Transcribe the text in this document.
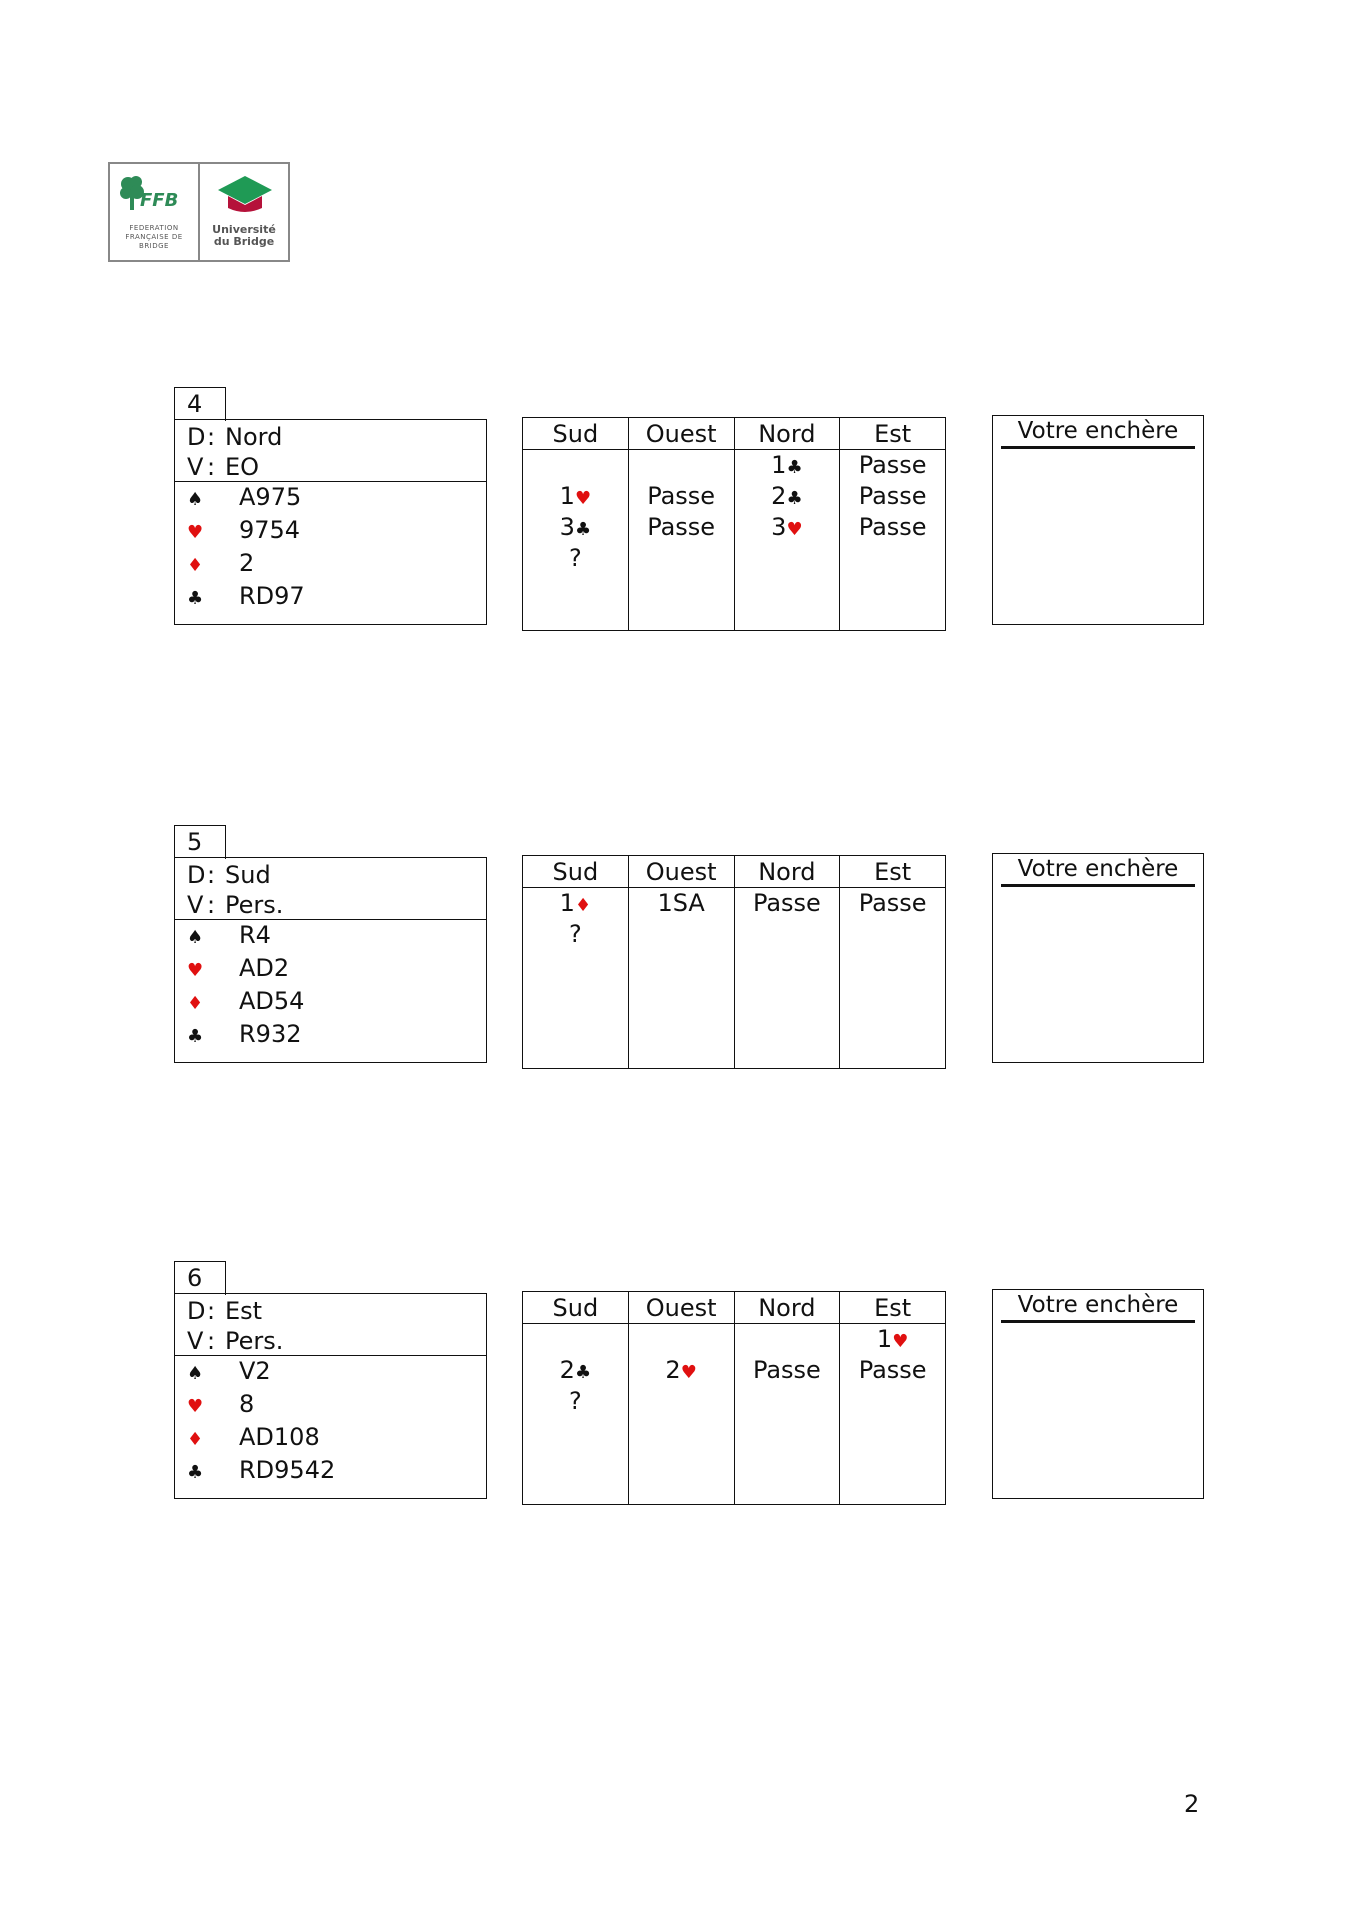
FFB
FEDERATION FRANÇAISE DE BRIDGE
Université
du Bridge
4
D: Nord
V : EO
♠ A975
♥ 9754
♦ 2
♣ RD97
Sud
1♥
3♣
?
Ouest
Passe
Passe
Nord
1♣
2♣
3♥
Est
Passe
Passe
Passe
Votre enchère
5
D: Sud
V : Pers.
♠ R4
♥ AD2
♦ AD54
♣ R932
Sud
1♦
?
Ouest
1SA
Nord
Passe
Est
Passe
Votre enchère
6
D: Est
V : Pers.
♠ V2
♥ 8
♦ AD108
♣ RD9542
Sud
2♣
?
Ouest
2♥
Nord
Passe
Est
1♥
Passe
Votre enchère
2
